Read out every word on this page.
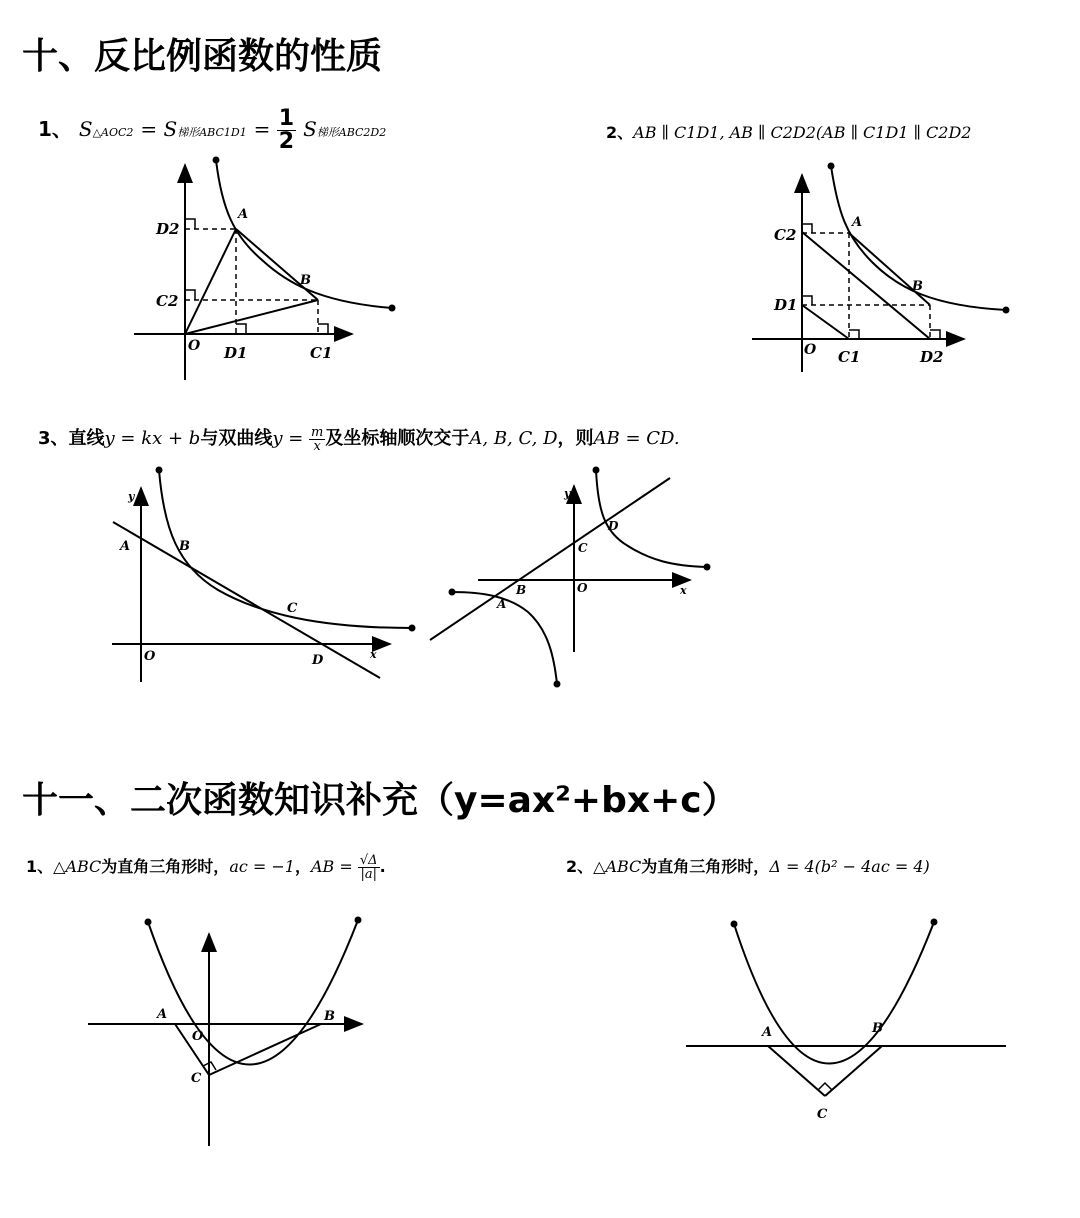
十、反比例函数的性质
1、 S△AOC2 = S梯形$ABC1D1 = \frac{1}{2}$ S梯形ABC2D2	2、AB ∥ C1D1, AB ∥ C2D2(AB ∥ C1D1 ∥ C2D2
3、直线y = kx + b与双曲线$y = \frac{m}{x}$ 及坐标轴顺次交于A, B, C, D，则AB = CD.
十一、二次函数知识补充（y=ax²+bx+c）
1、△ABC为直角三角形时，ac = −1，AB = $\frac{√\Delta}{|a|}$ .	2、△ABC为直角三角形时，Δ = 4(b² − 4ac = 4)
D2
C2
A
B
O D1	C1
C2
A
B
D1
O C1	D2
y
A	B
C
O	D	x
y
D
C
A
B	O	x
A
O
B
C
A	B
C
